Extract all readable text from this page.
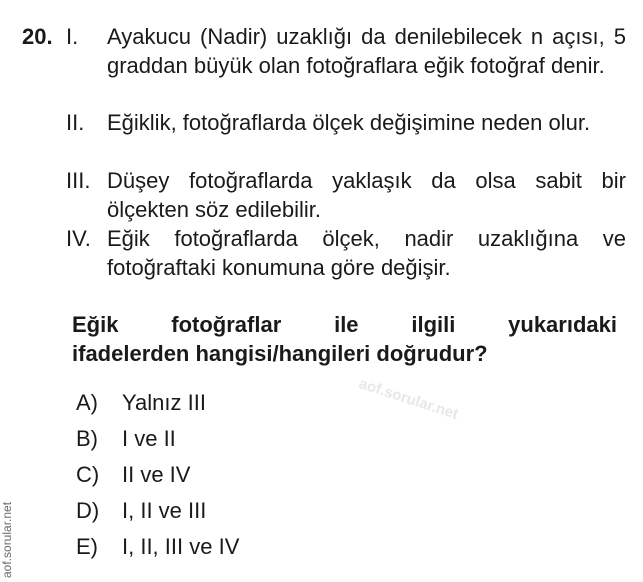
20. I. Ayakucu (Nadir) uzaklığı da denilebilecek n açısı, 5 graddan büyük olan fotoğraflara eğik fotoğraf denir.
II. Eğiklik, fotoğraflarda ölçek değişimine neden olur.
III. Düşey fotoğraflarda yaklaşık da olsa sabit bir ölçekten söz edilebilir.
IV. Eğik fotoğraflarda ölçek, nadir uzaklığına ve fotoğraftaki konumuna göre değişir.
Eğik fotoğraflar ile ilgili yukarıdaki
ifadelerden hangisi/hangileri doğrudur?
A) Yalnız III
B) I ve II
C) II ve IV
D) I, II ve III
E) I, II, III ve IV
aof.sorular.net
aof.sorular.net
